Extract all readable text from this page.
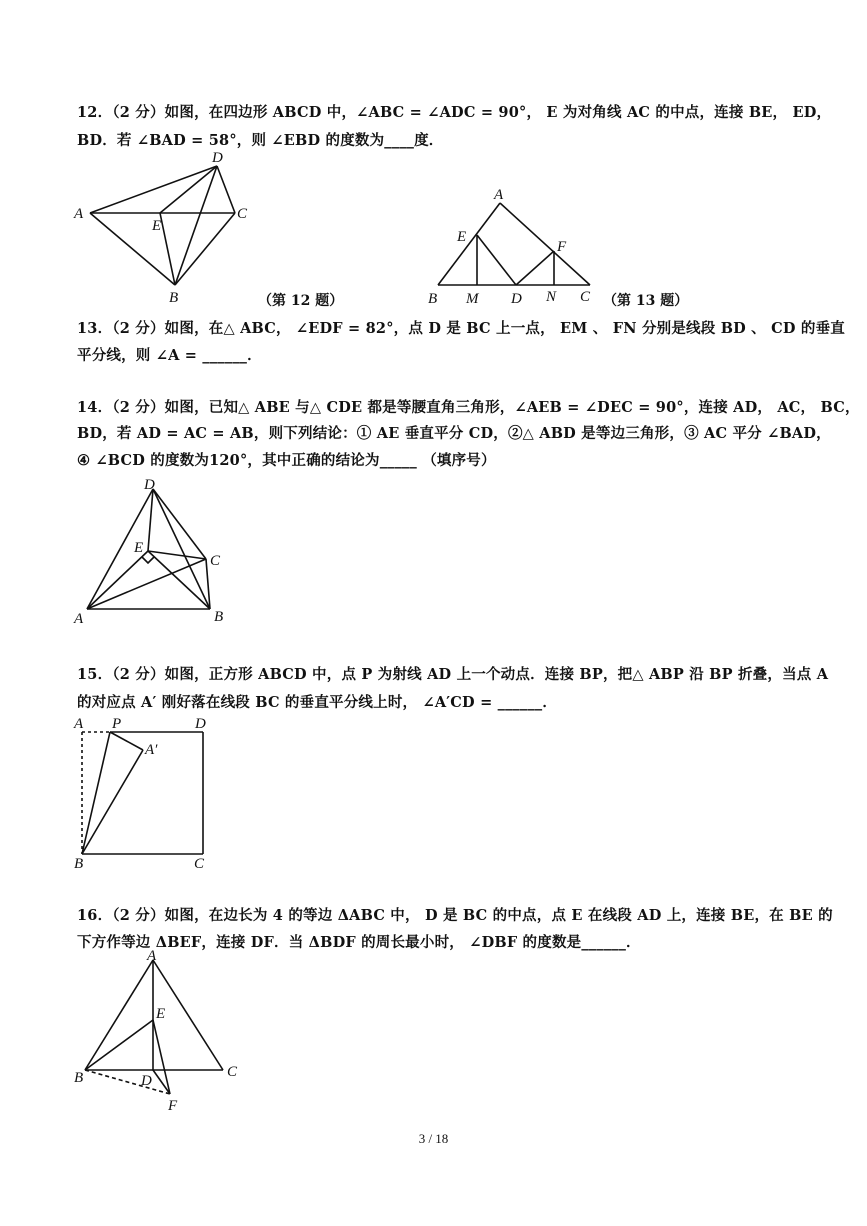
12．（2 分）如图，在四边形 ABCD 中，∠ABC = ∠ADC = 90°， E 为对角线 AC 的中点，连接 BE， ED，
BD．若 ∠BAD = 58°，则 ∠EBD 的度数为____度．
A
D
C
E
B	（第 12 题）
A
E
F
B M D N C （第 13 题）
13．（2 分）如图，在△ ABC， ∠EDF = 82°，点 D 是 BC 上一点， EM 、 FN 分别是线段 BD 、 CD 的垂直
平分线，则 ∠A = ______．
14．（2 分）如图，已知△ ABE 与△ CDE 都是等腰直角三角形，∠AEB = ∠DEC = 90°，连接 AD， AC， BC，
BD，若 AD = AC = AB，则下列结论：① AE 垂直平分 CD，②△ ABD 是等边三角形，③ AC 平分 ∠BAD，
④ ∠BCD 的度数为120°，其中正确的结论为_____ （填序号）
D
E
C
A	B
15．（2 分）如图，正方形 ABCD 中，点 P 为射线 AD 上一个动点．连接 BP，把△ ABP 沿 BP 折叠，当点 A
的对应点 A′ 刚好落在线段 BC 的垂直平分线上时， ∠A′CD = ______．
A P	D
A′
B	C
16．（2 分）如图，在边长为 4 的等边 ΔABC 中， D 是 BC 的中点，点 E 在线段 AD 上，连接 BE，在 BE 的
下方作等边 ΔBEF，连接 DF．当 ΔBDF 的周长最小时， ∠DBF 的度数是______．
A
E
B	D
C
F
3 / 18
